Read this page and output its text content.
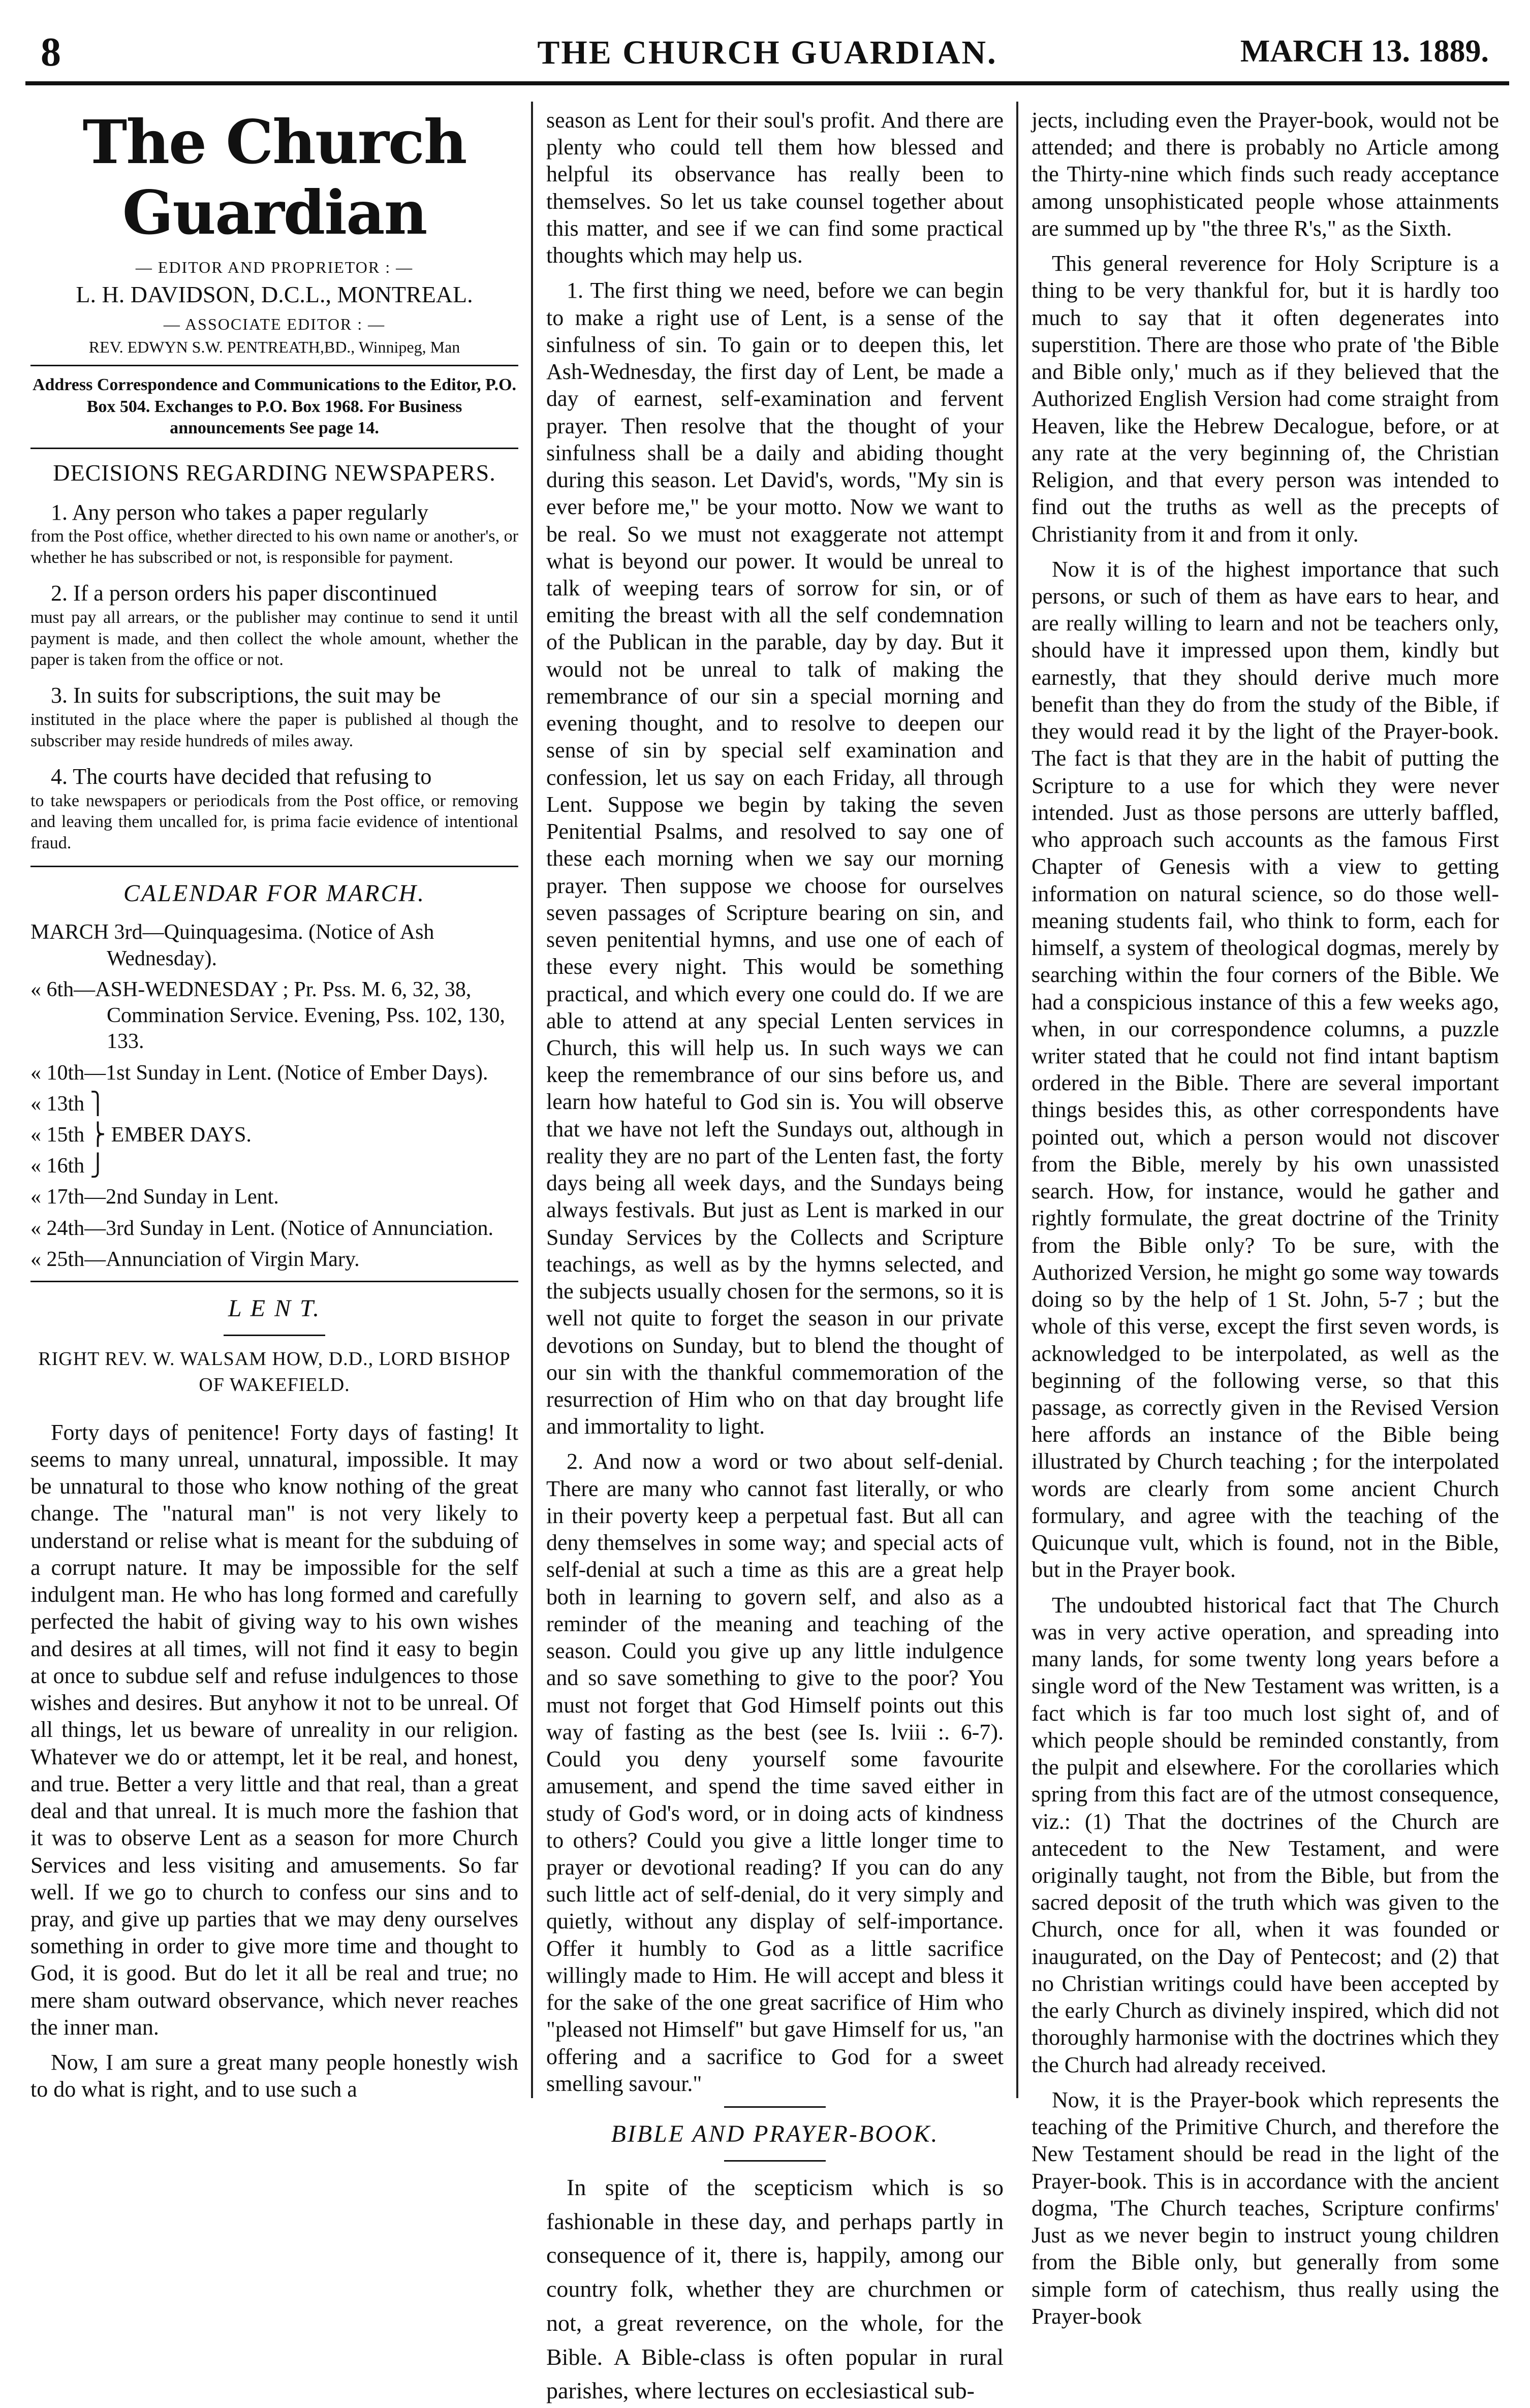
8	THE CHURCH GUARDIAN.	MARCH 13. 1889.
The Church Guardian
— EDITOR AND PROPRIETOR : —
L. H. DAVIDSON, D.C.L., MONTREAL.
— ASSOCIATE EDITOR : —
REV. EDWYN S.W. PENTREATH,BD., Winnipeg, Man
Address Correspondence and Communications to the Editor, P.O. Box 504. Exchanges to P.O. Box 1968. For Business announcements See page 14.
DECISIONS REGARDING NEWSPAPERS.
1. Any person who takes a paper regularly
from the Post office, whether directed to his own name or another's, or whether he has subscribed or not, is responsible for payment.
2. If a person orders his paper discontinued
must pay all arrears, or the publisher may continue to send it until payment is made, and then collect the whole amount, whether the paper is taken from the office or not.
3. In suits for subscriptions, the suit may be
instituted in the place where the paper is published al though the subscriber may reside hundreds of miles away.
4. The courts have decided that refusing to
to take newspapers or periodicals from the Post office, or removing and leaving them uncalled for, is prima facie evidence of intentional fraud.
CALENDAR FOR MARCH.
MARCH 3rd—Quinquagesima. (Notice of Ash Wednesday).
« 6th—ASH-WEDNESDAY ; Pr. Pss. M. 6, 32, 38, Commination Service. Evening, Pss. 102, 130, 133.
« 10th—1st Sunday in Lent. (Notice of Ember Days).
« 13th ⎫
« 15th ⎬ EMBER DAYS.
« 16th ⎭
« 17th—2nd Sunday in Lent.
« 24th—3rd Sunday in Lent. (Notice of Annunciation.
« 25th—Annunciation of Virgin Mary.
L E N T.
RIGHT REV. W. WALSAM HOW, D.D., LORD BISHOP OF WAKEFIELD.

Forty days of penitence! Forty days of fasting! It seems to many unreal, unnatural, impossible. It may be unnatural to those who know nothing of the great change. The "natural man" is not very likely to understand or relise what is meant for the subduing of a corrupt nature. It may be impossible for the self indulgent man. He who has long formed and carefully perfected the habit of giving way to his own wishes and desires at all times, will not find it easy to begin at once to subdue self and refuse indulgences to those wishes and desires. But anyhow it not to be unreal. Of all things, let us beware of unreality in our religion. Whatever we do or attempt, let it be real, and honest, and true. Better a very little and that real, than a great deal and that unreal. It is much more the fashion that it was to observe Lent as a season for more Church Services and less visiting and amusements. So far well. If we go to church to confess our sins and to pray, and give up parties that we may deny ourselves something in order to give more time and thought to God, it is good. But do let it all be real and true; no mere sham outward observance, which never reaches the inner man.

Now, I am sure a great many people honestly wish to do what is right, and to use such a

season as Lent for their soul's profit. And there are plenty who could tell them how blessed and helpful its observance has really been to themselves. So let us take counsel together about this matter, and see if we can find some practical thoughts which may help us.

1. The first thing we need, before we can begin to make a right use of Lent, is a sense of the sinfulness of sin. To gain or to deepen this, let Ash-Wednesday, the first day of Lent, be made a day of earnest, self-examination and fervent prayer. Then resolve that the thought of your sinfulness shall be a daily and abiding thought during this season. Let David's, words, "My sin is ever before me," be your motto. Now we want to be real. So we must not exaggerate not attempt what is beyond our power. It would be unreal to talk of weeping tears of sorrow for sin, or of emiting the breast with all the self condemnation of the Publican in the parable, day by day. But it would not be unreal to talk of making the remembrance of our sin a special morning and evening thought, and to resolve to deepen our sense of sin by special self examination and confession, let us say on each Friday, all through Lent. Suppose we begin by taking the seven Penitential Psalms, and resolved to say one of these each morning when we say our morning prayer. Then suppose we choose for ourselves seven passages of Scripture bearing on sin, and seven penitential hymns, and use one of each of these every night. This would be something practical, and which every one could do. If we are able to attend at any special Lenten services in Church, this will help us. In such ways we can keep the remembrance of our sins before us, and learn how hateful to God sin is. You will observe that we have not left the Sundays out, although in reality they are no part of the Lenten fast, the forty days being all week days, and the Sundays being always festivals. But just as Lent is marked in our Sunday Services by the Collects and Scripture teachings, as well as by the hymns selected, and the subjects usually chosen for the sermons, so it is well not quite to forget the season in our private devotions on Sunday, but to blend the thought of our sin with the thankful commemoration of the resurrection of Him who on that day brought life and immortality to light.

2. And now a word or two about self-denial. There are many who cannot fast literally, or who in their poverty keep a perpetual fast. But all can deny themselves in some way; and special acts of self-denial at such a time as this are a great help both in learning to govern self, and also as a reminder of the meaning and teaching of the season. Could you give up any little indulgence and so save something to give to the poor? You must not forget that God Himself points out this way of fasting as the best (see Is. lviii :. 6-7). Could you deny yourself some favourite amusement, and spend the time saved either in study of God's word, or in doing acts of kindness to others? Could you give a little longer time to prayer or devotional reading? If you can do any such little act of self-denial, do it very simply and quietly, without any display of self-importance. Offer it humbly to God as a little sacrifice willingly made to Him. He will accept and bless it for the sake of the one great sacrifice of Him who "pleased not Himself" but gave Himself for us, "an offering and a sacrifice to God for a sweet smelling savour."

BIBLE AND PRAYER-BOOK.

In spite of the scepticism which is so fashionable in these day, and perhaps partly in consequence of it, there is, happily, among our country folk, whether they are churchmen or not, a great reverence, on the whole, for the Bible. A Bible-class is often popular in rural parishes, where lectures on ecclesiastical sub-

jects, including even the Prayer-book, would not be attended; and there is probably no Article among the Thirty-nine which finds such ready acceptance among unsophisticated people whose attainments are summed up by "the three R's," as the Sixth.

This general reverence for Holy Scripture is a thing to be very thankful for, but it is hardly too much to say that it often degenerates into superstition. There are those who prate of 'the Bible and Bible only,' much as if they believed that the Authorized English Version had come straight from Heaven, like the Hebrew Decalogue, before, or at any rate at the very beginning of, the Christian Religion, and that every person was intended to find out the truths as well as the precepts of Christianity from it and from it only.

Now it is of the highest importance that such persons, or such of them as have ears to hear, and are really willing to learn and not be teachers only, should have it impressed upon them, kindly but earnestly, that they should derive much more benefit than they do from the study of the Bible, if they would read it by the light of the Prayer-book. The fact is that they are in the habit of putting the Scripture to a use for which they were never intended. Just as those persons are utterly baffled, who approach such accounts as the famous First Chapter of Genesis with a view to getting information on natural science, so do those well-meaning students fail, who think to form, each for himself, a system of theological dogmas, merely by searching within the four corners of the Bible. We had a conspicious instance of this a few weeks ago, when, in our correspondence columns, a puzzle writer stated that he could not find intant baptism ordered in the Bible. There are several important things besides this, as other correspondents have pointed out, which a person would not discover from the Bible, merely by his own unassisted search. How, for instance, would he gather and rightly formulate, the great doctrine of the Trinity from the Bible only? To be sure, with the Authorized Version, he might go some way towards doing so by the help of 1 St. John, 5-7 ; but the whole of this verse, except the first seven words, is acknowledged to be interpolated, as well as the beginning of the following verse, so that this passage, as correctly given in the Revised Version here affords an instance of the Bible being illustrated by Church teaching ; for the interpolated words are clearly from some ancient Church formulary, and agree with the teaching of the Quicunque vult, which is found, not in the Bible, but in the Prayer book.

The undoubted historical fact that The Church was in very active operation, and spreading into many lands, for some twenty long years before a single word of the New Testament was written, is a fact which is far too much lost sight of, and of which people should be reminded constantly, from the pulpit and elsewhere. For the corollaries which spring from this fact are of the utmost consequence, viz.: (1) That the doctrines of the Church are antecedent to the New Testament, and were originally taught, not from the Bible, but from the sacred deposit of the truth which was given to the Church, once for all, when it was founded or inaugurated, on the Day of Pentecost; and (2) that no Christian writings could have been accepted by the early Church as divinely inspired, which did not thoroughly harmonise with the doctrines which they the Church had already received.

Now, it is the Prayer-book which represents the teaching of the Primitive Church, and therefore the New Testament should be read in the light of the Prayer-book. This is in accordance with the ancient dogma, 'The Church teaches, Scripture confirms' Just as we never begin to instruct young children from the Bible only, but generally from some simple form of catechism, thus really using the Prayer-book
